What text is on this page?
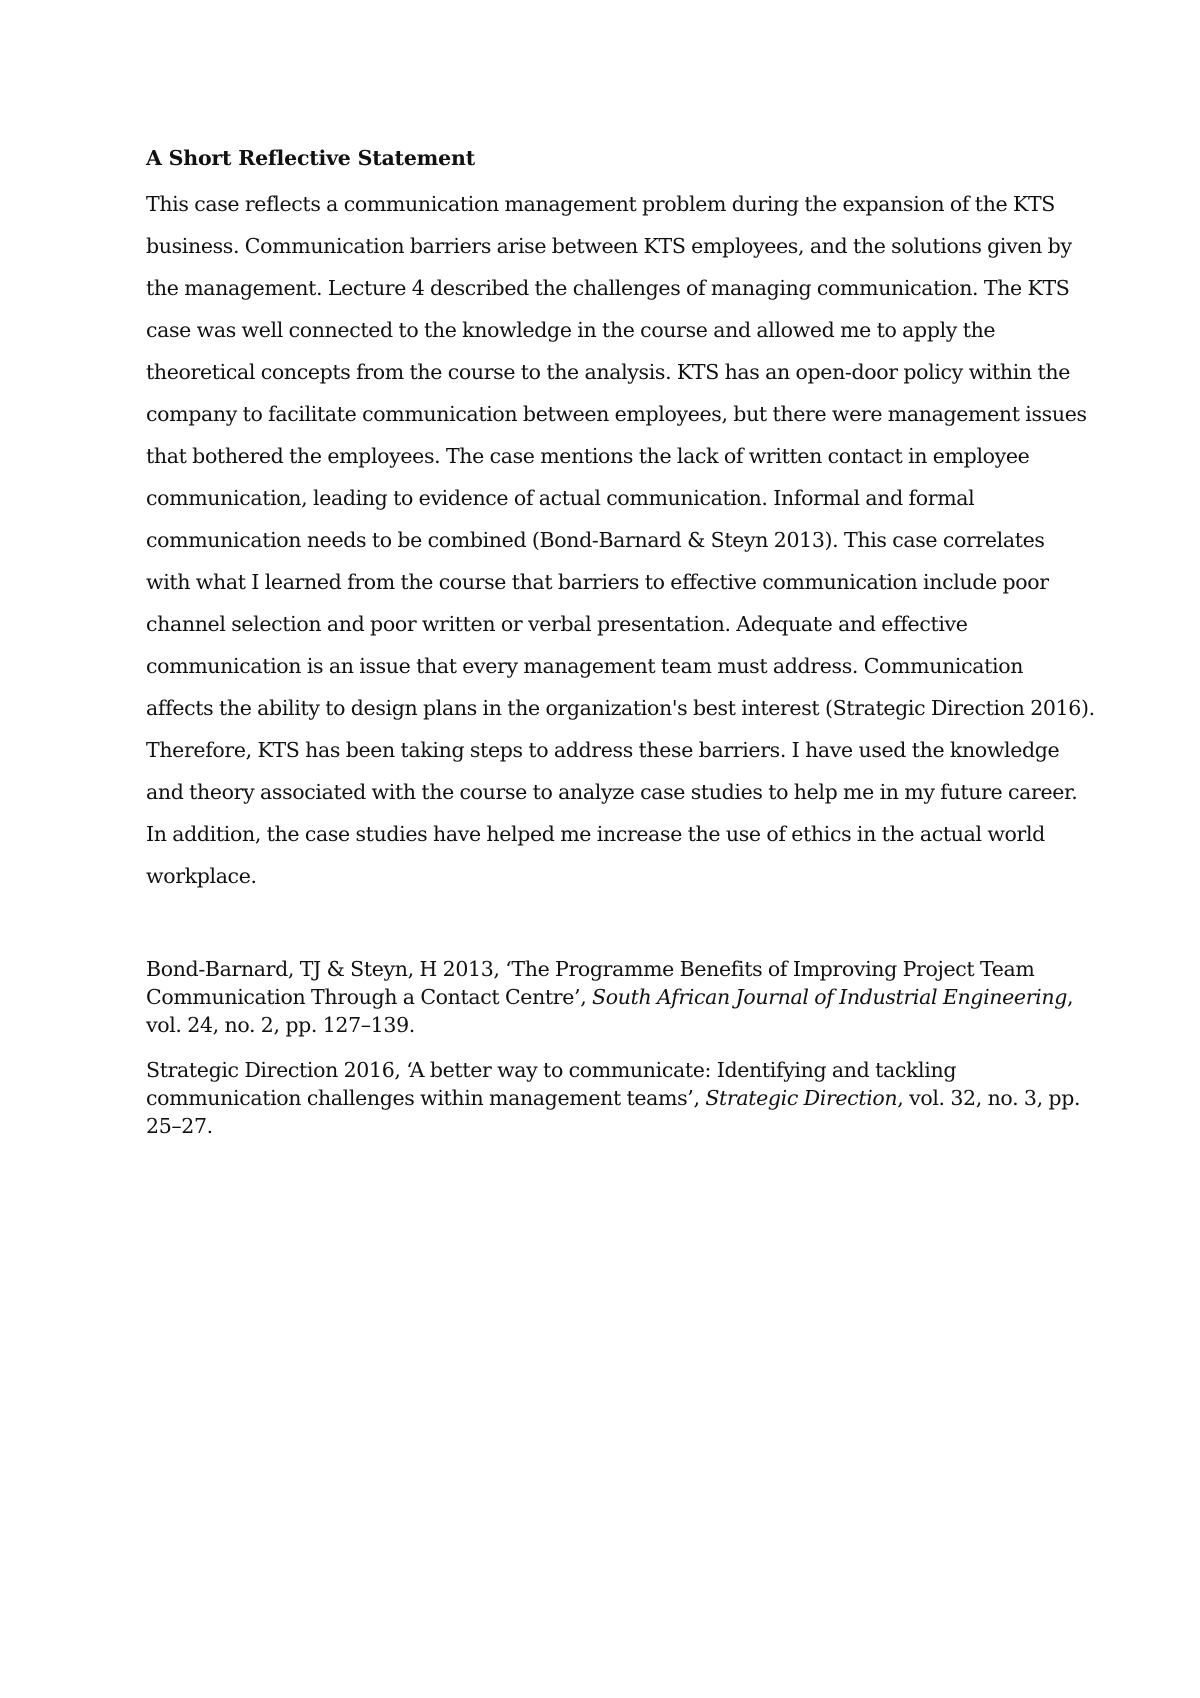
A Short Reflective Statement

This case reflects a communication management problem during the expansion of the KTS

business. Communication barriers arise between KTS employees, and the solutions given by

the management. Lecture 4 described the challenges of managing communication. The KTS

case was well connected to the knowledge in the course and allowed me to apply the

theoretical concepts from the course to the analysis. KTS has an open-door policy within the

company to facilitate communication between employees, but there were management issues

that bothered the employees. The case mentions the lack of written contact in employee

communication, leading to evidence of actual communication. Informal and formal

communication needs to be combined (Bond-Barnard & Steyn 2013). This case correlates

with what I learned from the course that barriers to effective communication include poor

channel selection and poor written or verbal presentation. Adequate and effective

communication is an issue that every management team must address. Communication

affects the ability to design plans in the organization's best interest (Strategic Direction 2016).

Therefore, KTS has been taking steps to address these barriers. I have used the knowledge

and theory associated with the course to analyze case studies to help me in my future career.

In addition, the case studies have helped me increase the use of ethics in the actual world

workplace.

Bond-Barnard, TJ & Steyn, H 2013, ‘The Programme Benefits of Improving Project Team

Communication Through a Contact Centre’, South African Journal of Industrial Engineering,

vol. 24, no. 2, pp. 127–139.

Strategic Direction 2016, ‘A better way to communicate: Identifying and tackling

communication challenges within management teams’, Strategic Direction, vol. 32, no. 3, pp.

25–27.
